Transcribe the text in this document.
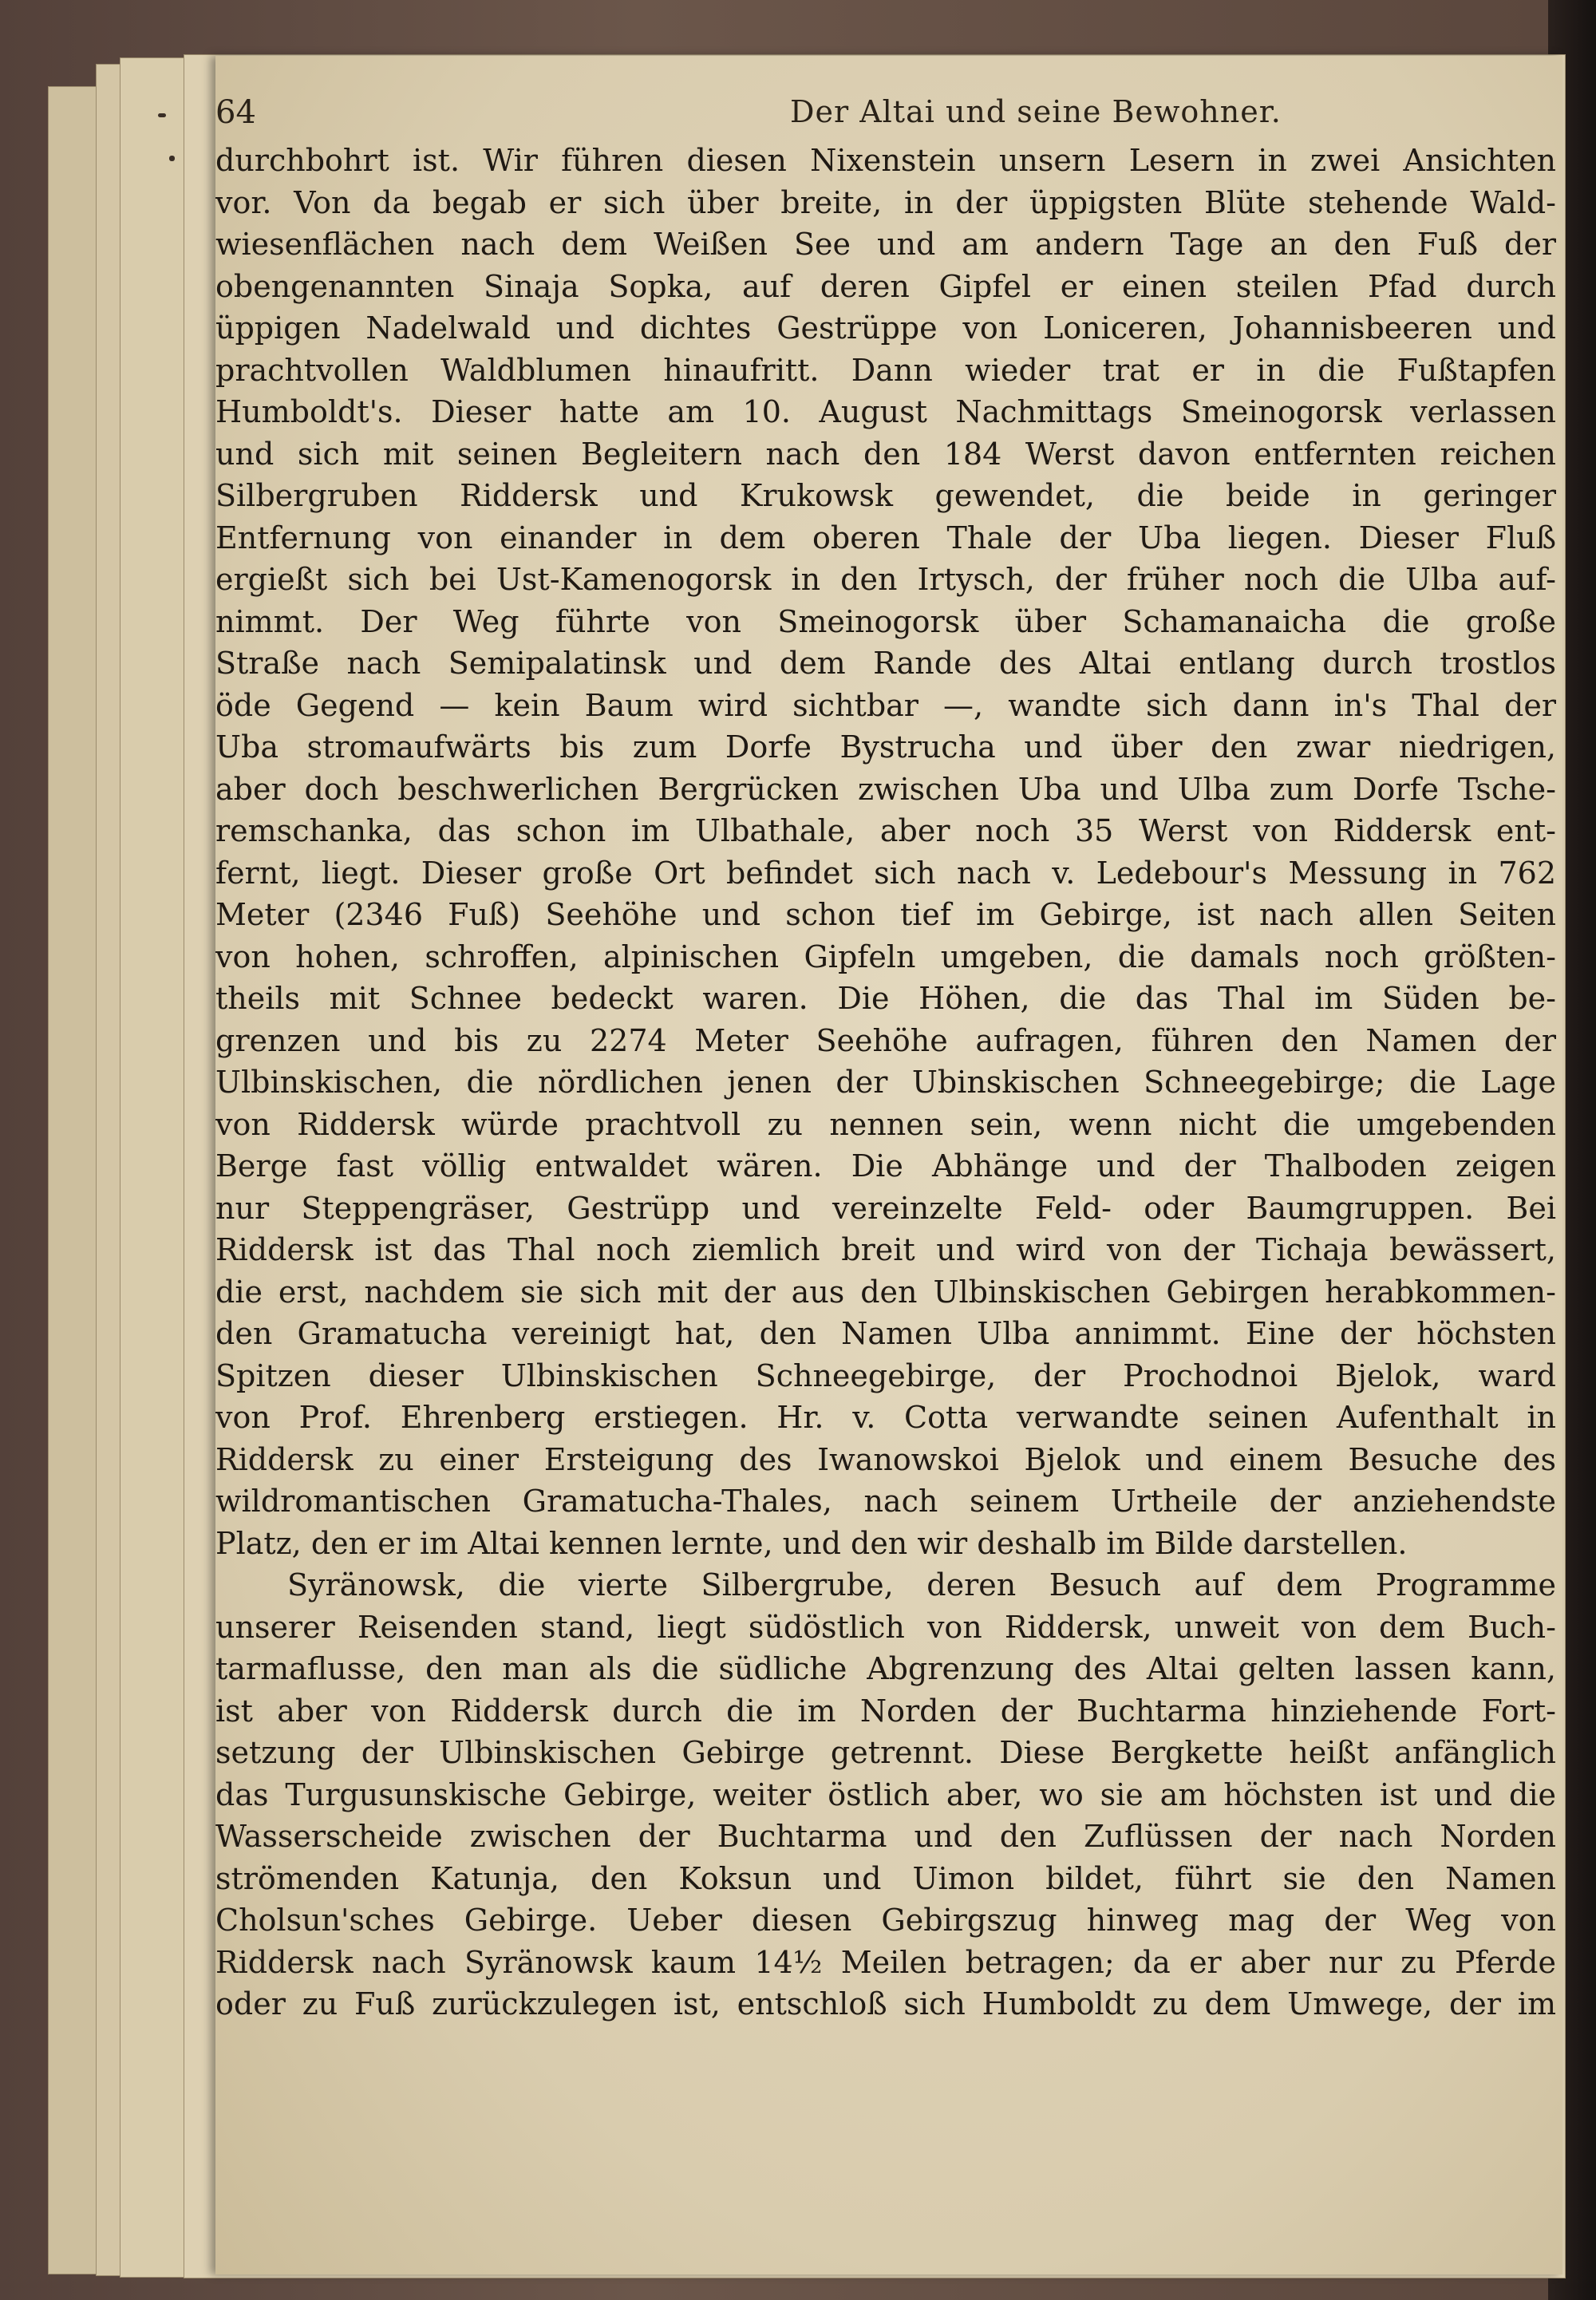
64	Der Altai und seine Bewohner.
durchbohrt ist. Wir führen diesen Nixenstein unsern Lesern in zwei Ansichten
vor. Von da begab er sich über breite, in der üppigsten Blüte stehende Wald-
wiesenflächen nach dem Weißen See und am andern Tage an den Fuß der
obengenannten Sinaja Sopka, auf deren Gipfel er einen steilen Pfad durch
üppigen Nadelwald und dichtes Gestrüppe von Loniceren, Johannisbeeren und
prachtvollen Waldblumen hinaufritt. Dann wieder trat er in die Fußtapfen
Humboldt's. Dieser hatte am 10. August Nachmittags Smeinogorsk verlassen
und sich mit seinen Begleitern nach den 184 Werst davon entfernten reichen
Silbergruben Riddersk und Krukowsk gewendet, die beide in geringer
Entfernung von einander in dem oberen Thale der Uba liegen. Dieser Fluß
ergießt sich bei Ust-Kamenogorsk in den Irtysch, der früher noch die Ulba auf-
nimmt. Der Weg führte von Smeinogorsk über Schamanaicha die große
Straße nach Semipalatinsk und dem Rande des Altai entlang durch trostlos
öde Gegend — kein Baum wird sichtbar —, wandte sich dann in's Thal der
Uba stromaufwärts bis zum Dorfe Bystrucha und über den zwar niedrigen,
aber doch beschwerlichen Bergrücken zwischen Uba und Ulba zum Dorfe Tsche-
remschanka, das schon im Ulbathale, aber noch 35 Werst von Riddersk ent-
fernt, liegt. Dieser große Ort befindet sich nach v. Ledebour's Messung in 762
Meter (2346 Fuß) Seehöhe und schon tief im Gebirge, ist nach allen Seiten
von hohen, schroffen, alpinischen Gipfeln umgeben, die damals noch größten-
theils mit Schnee bedeckt waren. Die Höhen, die das Thal im Süden be-
grenzen und bis zu 2274 Meter Seehöhe aufragen, führen den Namen der
Ulbinskischen, die nördlichen jenen der Ubinskischen Schneegebirge; die Lage
von Riddersk würde prachtvoll zu nennen sein, wenn nicht die umgebenden
Berge fast völlig entwaldet wären. Die Abhänge und der Thalboden zeigen
nur Steppengräser, Gestrüpp und vereinzelte Feld- oder Baumgruppen. Bei
Riddersk ist das Thal noch ziemlich breit und wird von der Tichaja bewässert,
die erst, nachdem sie sich mit der aus den Ulbinskischen Gebirgen herabkommen-
den Gramatucha vereinigt hat, den Namen Ulba annimmt. Eine der höchsten
Spitzen dieser Ulbinskischen Schneegebirge, der Prochodnoi Bjelok, ward
von Prof. Ehrenberg erstiegen. Hr. v. Cotta verwandte seinen Aufenthalt in
Riddersk zu einer Ersteigung des Iwanowskoi Bjelok und einem Besuche des
wildromantischen Gramatucha-Thales, nach seinem Urtheile der anziehendste
Platz, den er im Altai kennen lernte, und den wir deshalb im Bilde darstellen.
Syränowsk, die vierte Silbergrube, deren Besuch auf dem Programme
unserer Reisenden stand, liegt südöstlich von Riddersk, unweit von dem Buch-
tarmaflusse, den man als die südliche Abgrenzung des Altai gelten lassen kann,
ist aber von Riddersk durch die im Norden der Buchtarma hinziehende Fort-
setzung der Ulbinskischen Gebirge getrennt. Diese Bergkette heißt anfänglich
das Turgusunskische Gebirge, weiter östlich aber, wo sie am höchsten ist und die
Wasserscheide zwischen der Buchtarma und den Zuflüssen der nach Norden
strömenden Katunja, den Koksun und Uimon bildet, führt sie den Namen
Cholsun'sches Gebirge. Ueber diesen Gebirgszug hinweg mag der Weg von
Riddersk nach Syränowsk kaum 14½ Meilen betragen; da er aber nur zu Pferde
oder zu Fuß zurückzulegen ist, entschloß sich Humboldt zu dem Umwege, der im
